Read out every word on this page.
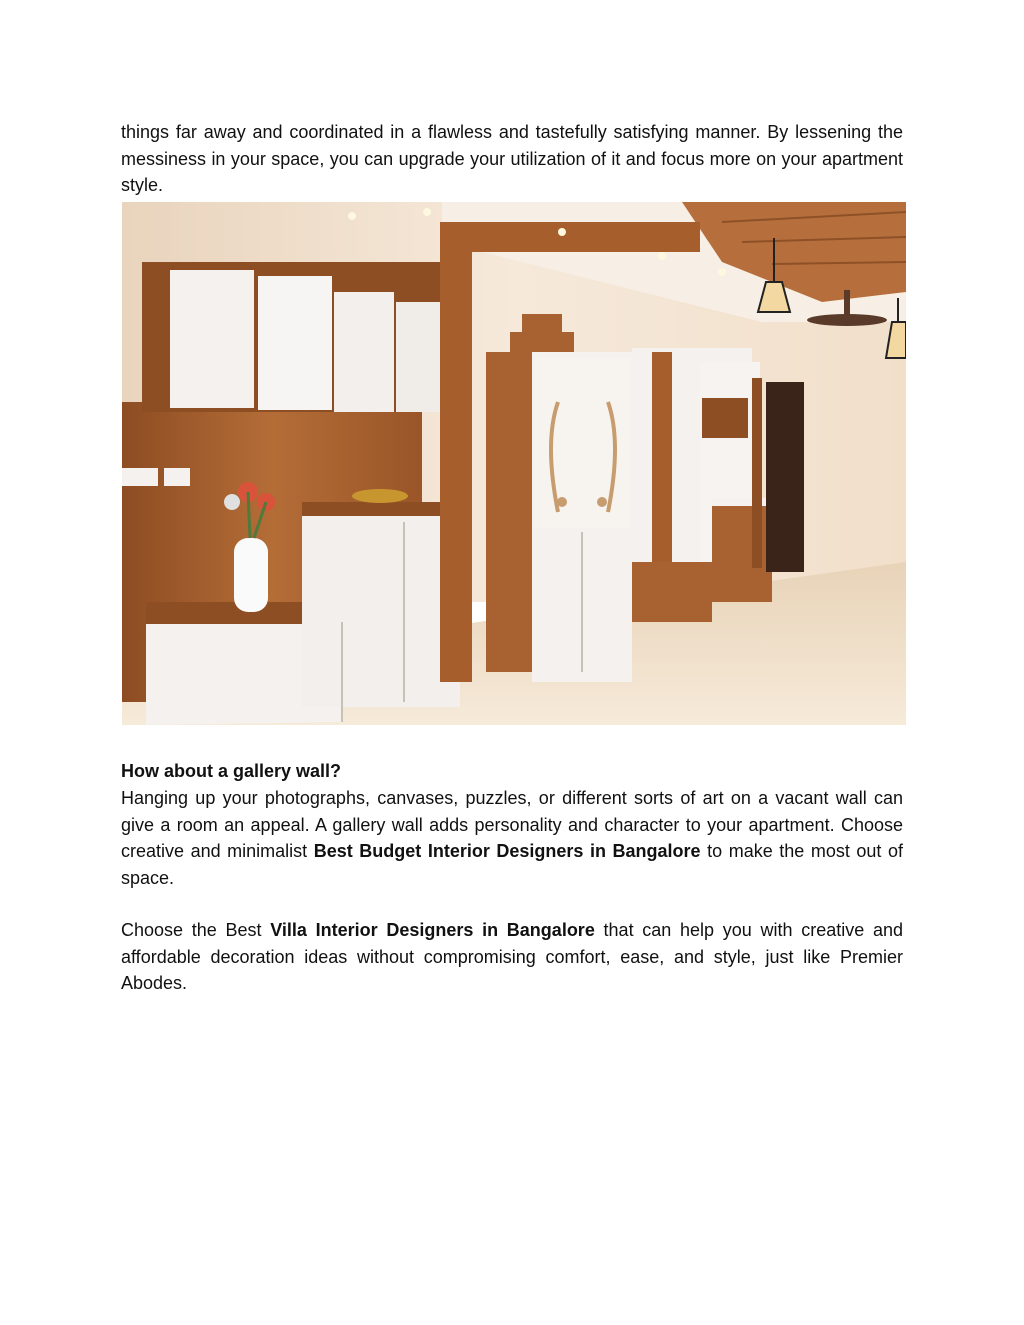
things far away and coordinated in a flawless and tastefully satisfying manner. By lessening the messiness in your space, you can upgrade your utilization of it and focus more on your apartment style.

How about a gallery wall?

Hanging up your photographs, canvases, puzzles, or different sorts of art on a vacant wall can give a room an appeal. A gallery wall adds personality and character to your apartment. Choose creative and minimalist Best Budget Interior Designers in Bangalore to make the most out of space.

Choose the Best Villa Interior Designers in Bangalore that can help you with creative and affordable decoration ideas without compromising comfort, ease, and style, just like Premier Abodes.
